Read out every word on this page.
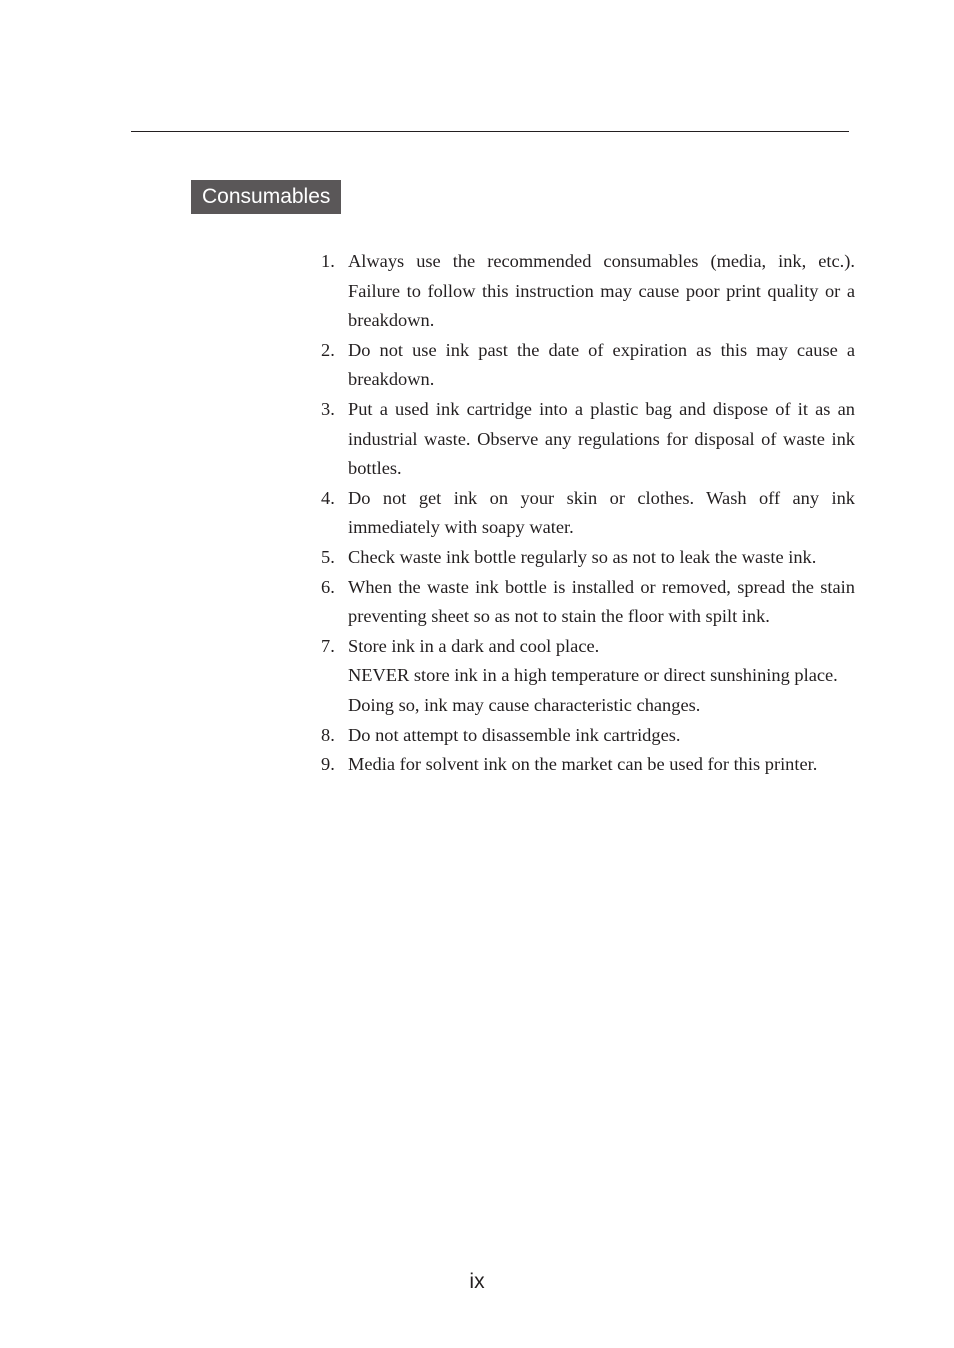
Consumables
1. Always use the recommended consumables (media, ink, etc.). Failure to follow this instruction may cause poor print quality or a breakdown.

2. Do not use ink past the date of expiration as this may cause a breakdown.

3. Put a used ink cartridge into a plastic bag and dispose of it as an industrial waste. Observe any regulations for disposal of waste ink bottles.

4. Do not get ink on your skin or clothes. Wash off any ink immediately with soapy water.

5. Check waste ink bottle regularly so as not to leak the waste ink.

6. When the waste ink bottle is installed or removed, spread the stain preventing sheet so as not to stain the floor with spilt ink.

7. Store ink in a dark and cool place.

NEVER store ink in a high temperature or direct sunshining place.

Doing so, ink may cause characteristic changes.

8. Do not attempt to disassemble ink cartridges.

9. Media for solvent ink on the market can be used for this printer.

ix
